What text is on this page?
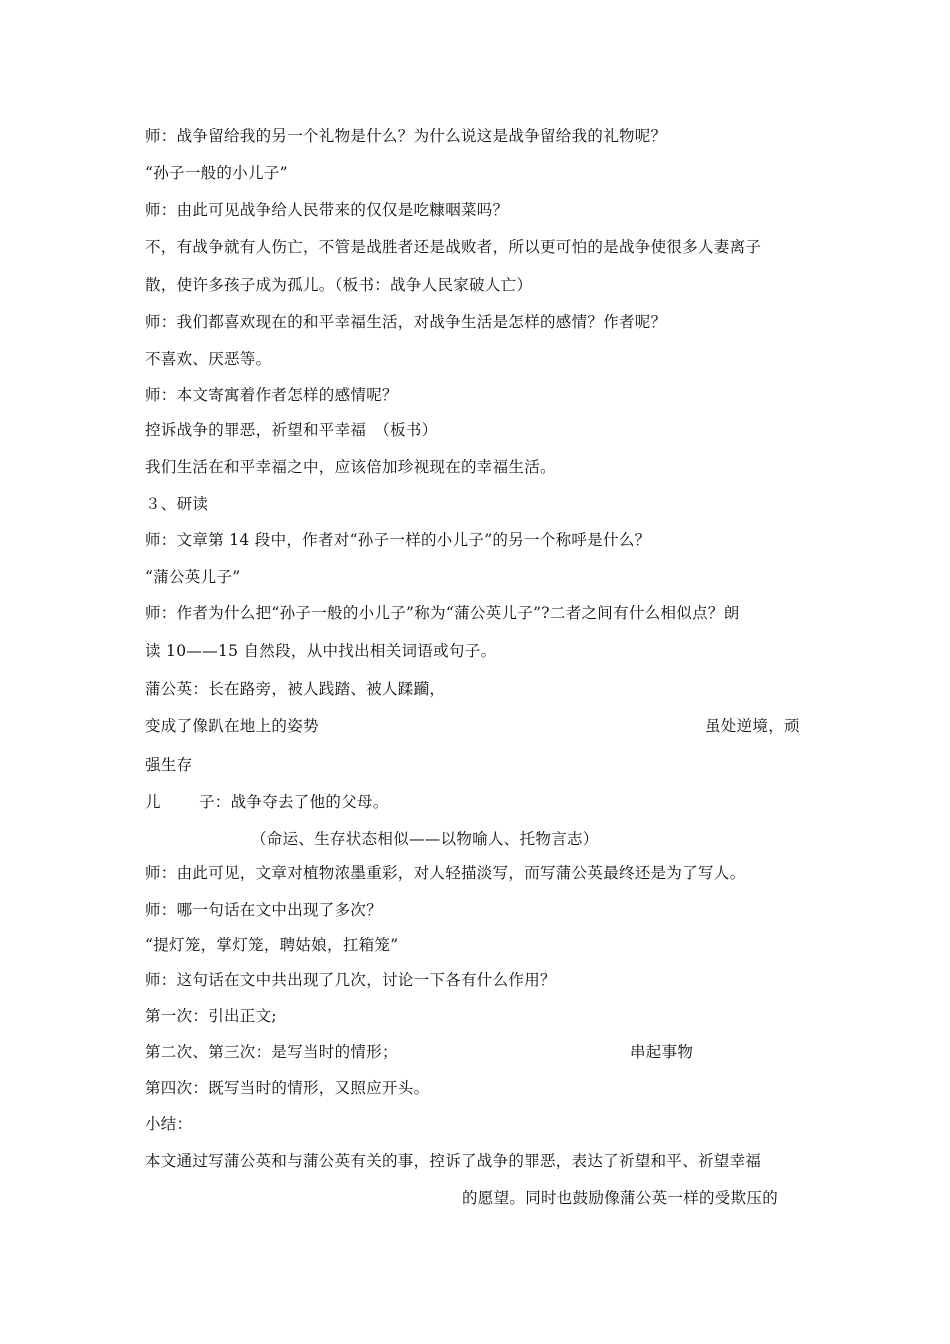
师：战争留给我的另一个礼物是什么？为什么说这是战争留给我的礼物呢？
“孙子一般的小儿子”
师：由此可见战争给人民带来的仅仅是吃糠咽菜吗？
不，有战争就有人伤亡，不管是战胜者还是战败者，所以更可怕的是战争使很多人妻离子
散，使许多孩子成为孤儿。（板书：战争人民家破人亡）
师：我们都喜欢现在的和平幸福生活，对战争生活是怎样的感情？作者呢？
不喜欢、厌恶等。
师：本文寄寓着作者怎样的感情呢？
控诉战争的罪恶，祈望和平幸福　（板书）
我们生活在和平幸福之中，应该倍加珍视现在的幸福生活。
３、研读
师：文章第 14 段中，作者对“孙子一样的小儿子”的另一个称呼是什么？
“蒲公英儿子”
师：作者为什么把“孙子一般的小儿子”称为“蒲公英儿子”?二者之间有什么相似点？朗
读 10——15 自然段，从中找出相关词语或句子。
蒲公英：长在路旁，被人践踏、被人蹂躏，
变成了像趴在地上的姿势	虽处逆境，顽
强生存
儿 子：战争夺去了他的父母。
（命运、生存状态相似——以物喻人、托物言志）
师：由此可见，文章对植物浓墨重彩，对人轻描淡写，而写蒲公英最终还是为了写人。
师：哪一句话在文中出现了多次？
“提灯笼，掌灯笼，聘姑娘，扛箱笼”
师：这句话在文中共出现了几次，讨论一下各有什么作用？
第一次：引出正文;
第二次、第三次：是写当时的情形；	串起事物
第四次：既写当时的情形，又照应开头。
小结：
本文通过写蒲公英和与蒲公英有关的事，控诉了战争的罪恶，表达了祈望和平、祈望幸福
的愿望。同时也鼓励像蒲公英一样的受欺压的
